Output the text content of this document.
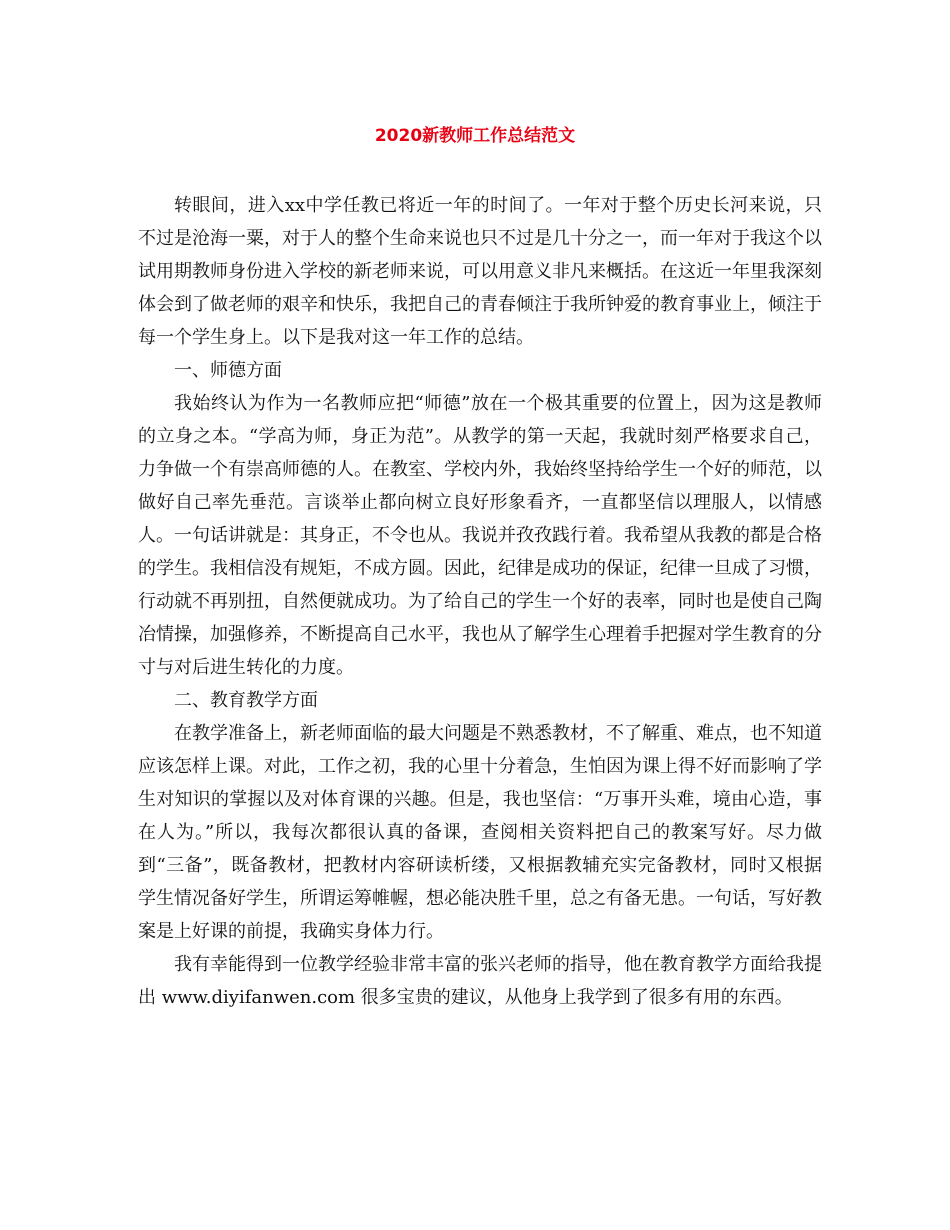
2020新教师工作总结范文

转眼间，进入xx中学任教已将近一年的时间了。一年对于整个历史长河来说，只不过是沧海一粟，对于人的整个生命来说也只不过是几十分之一，而一年对于我这个以试用期教师身份进入学校的新老师来说，可以用意义非凡来概括。在这近一年里我深刻体会到了做老师的艰辛和快乐，我把自己的青春倾注于我所钟爱的教育事业上，倾注于每一个学生身上。以下是我对这一年工作的总结。

一、师德方面

我始终认为作为一名教师应把“师德”放在一个极其重要的位置上，因为这是教师的立身之本。“学高为师，身正为范”。从教学的第一天起，我就时刻严格要求自己，力争做一个有崇高师德的人。在教室、学校内外，我始终坚持给学生一个好的师范，以做好自己率先垂范。言谈举止都向树立良好形象看齐，一直都坚信以理服人，以情感人。一句话讲就是：其身正，不令也从。我说并孜孜践行着。我希望从我教的都是合格的学生。我相信没有规矩，不成方圆。因此，纪律是成功的保证，纪律一旦成了习惯，行动就不再别扭，自然便就成功。为了给自己的学生一个好的表率，同时也是使自己陶冶情操，加强修养，不断提高自己水平，我也从了解学生心理着手把握对学生教育的分寸与对后进生转化的力度。

二、教育教学方面

在教学准备上，新老师面临的最大问题是不熟悉教材，不了解重、难点，也不知道应该怎样上课。对此，工作之初，我的心里十分着急，生怕因为课上得不好而影响了学生对知识的掌握以及对体育课的兴趣。但是，我也坚信：“万事开头难，境由心造，事在人为。”所以，我每次都很认真的备课，查阅相关资料把自己的教案写好。尽力做到“三备”，既备教材，把教材内容研读析缕，又根据教辅充实完备教材，同时又根据学生情况备好学生，所谓运筹帷幄，想必能决胜千里，总之有备无患。一句话，写好教案是上好课的前提，我确实身体力行。

我有幸能得到一位教学经验非常丰富的张兴老师的指导，他在教育教学方面给我提出 www.diyifanwen.com 很多宝贵的建议，从他身上我学到了很多有用的东西。
